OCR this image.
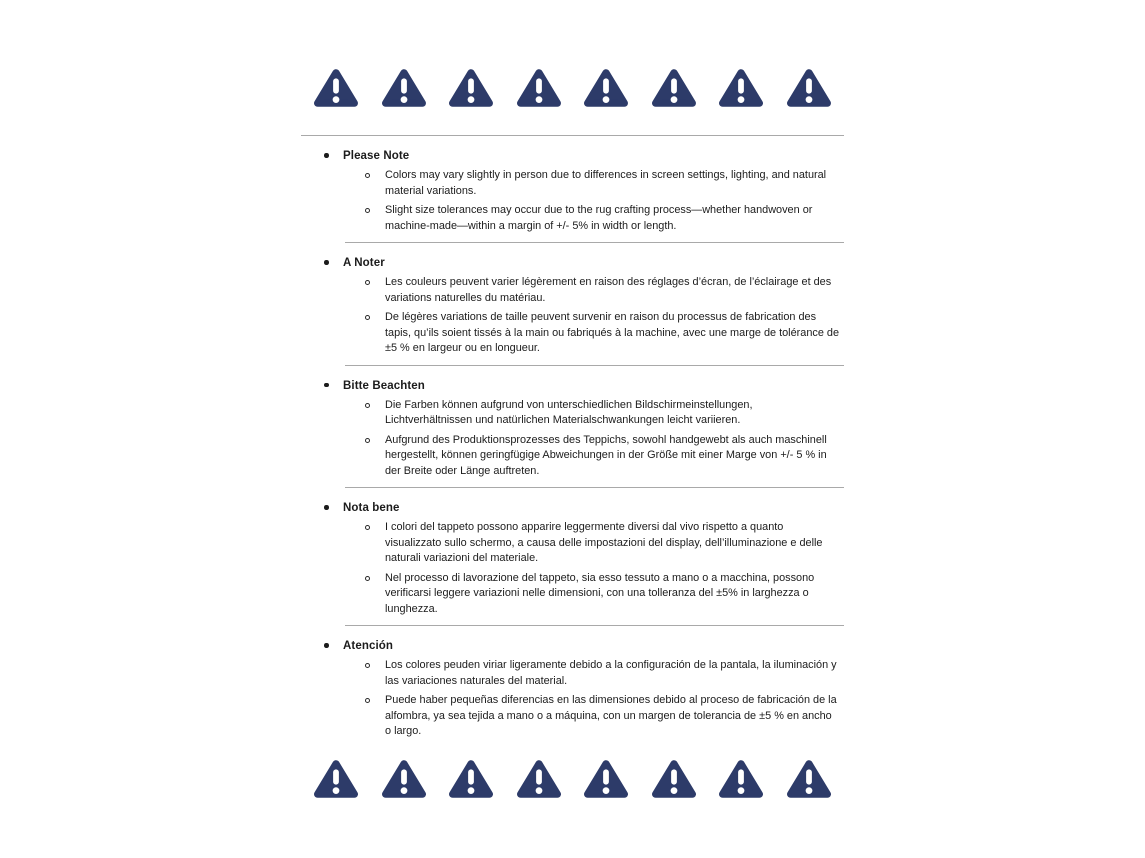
Please Note

Colors may vary slightly in person due to differences in screen settings, lighting, and natural material variations.

Slight size tolerances may occur due to the rug crafting process—whether handwoven or machine-made—within a margin of +/- 5% in width or length.

A Noter

Les couleurs peuvent varier légèrement en raison des réglages d’écran, de l’éclairage et des variations naturelles du matériau.

De légères variations de taille peuvent survenir en raison du processus de fabrication des tapis, qu’ils soient tissés à la main ou fabriqués à la machine, avec une marge de tolérance de ±5 % en largeur ou en longueur.

Bitte Beachten

Die Farben können aufgrund von unterschiedlichen Bildschirmeinstellungen, Lichtverhältnissen und natürlichen Materialschwankungen leicht variieren.

Aufgrund des Produktionsprozesses des Teppichs, sowohl handgewebt als auch maschinell hergestellt, können geringfügige Abweichungen in der Größe mit einer Marge von +/- 5 % in der Breite oder Länge auftreten.

Nota bene

I colori del tappeto possono apparire leggermente diversi dal vivo rispetto a quanto visualizzato sullo schermo, a causa delle impostazioni del display, dell’illuminazione e delle naturali variazioni del materiale.

Nel processo di lavorazione del tappeto, sia esso tessuto a mano o a macchina, possono verificarsi leggere variazioni nelle dimensioni, con una tolleranza del ±5% in larghezza o lunghezza.

Atención

Los colores peuden viriar ligeramente debido a la configuración de la pantala, la iluminación y las variaciones naturales del material.

Puede haber pequeñas diferencias en las dimensiones debido al proceso de fabricación de la alfombra, ya sea tejida a mano o a máquina, con un margen de tolerancia de ±5 % en ancho o largo.
